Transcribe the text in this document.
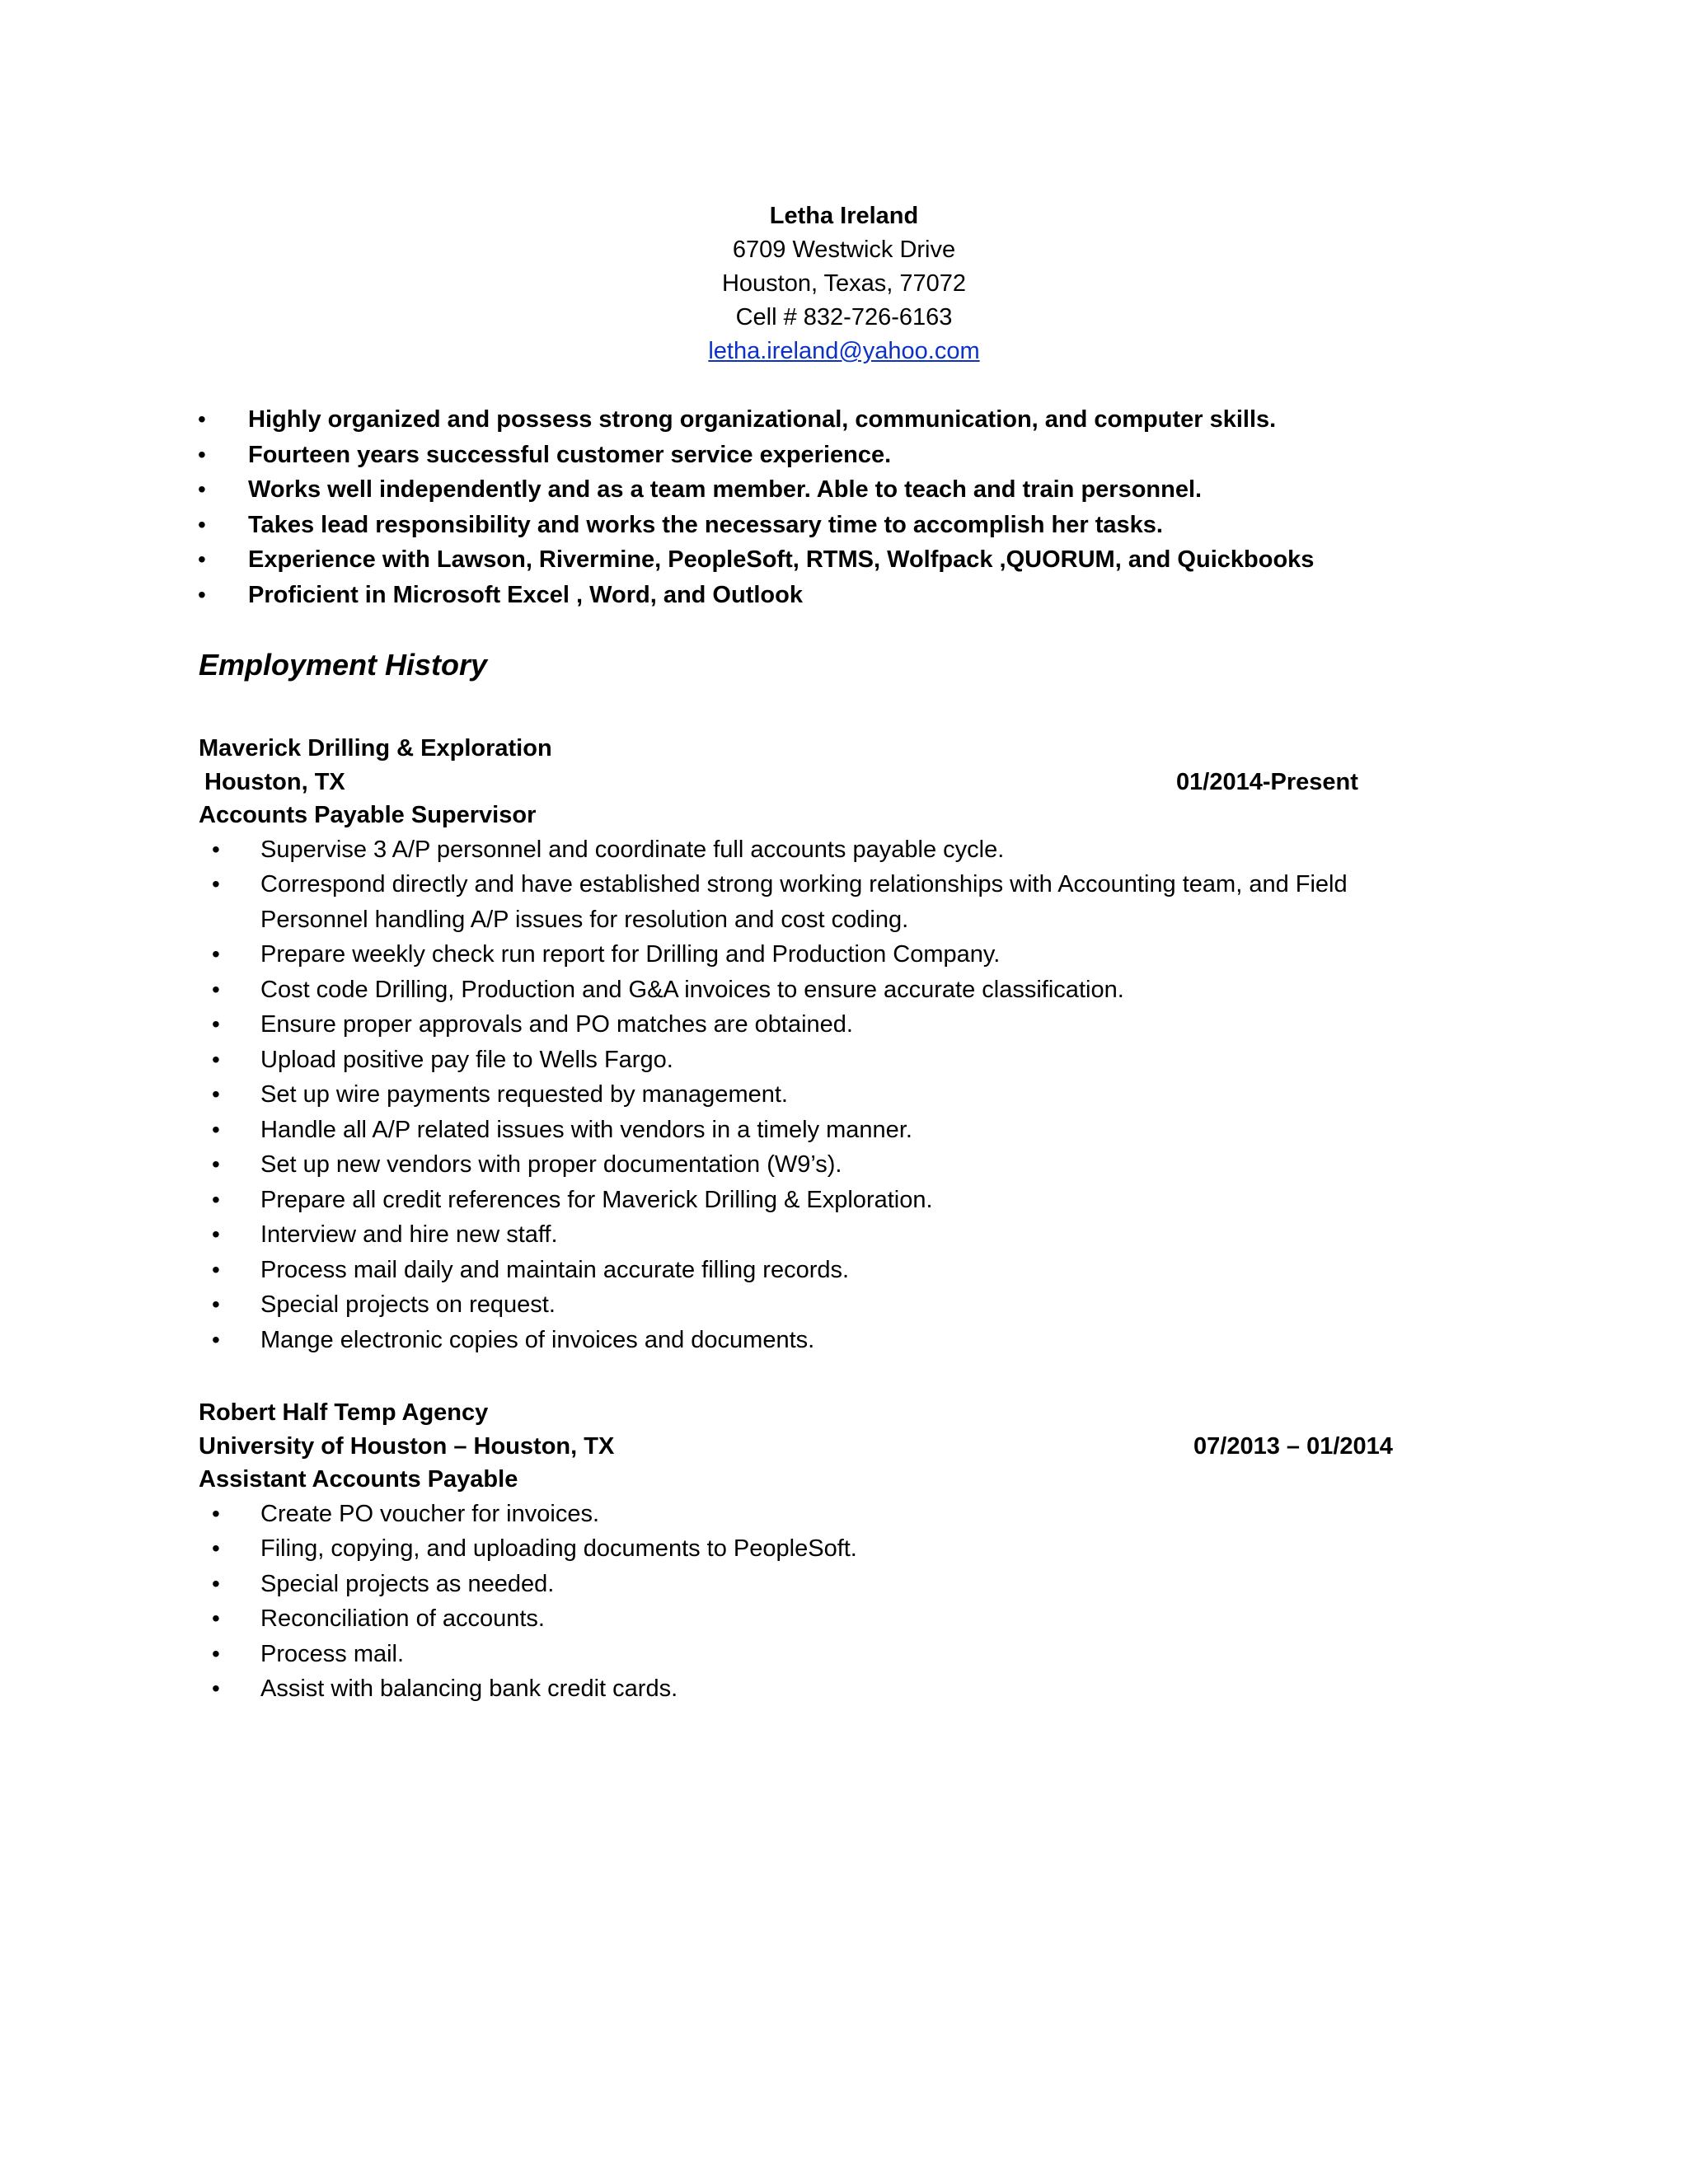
Letha Ireland
6709 Westwick Drive
Houston, Texas, 77072
Cell # 832-726-6163
letha.ireland@yahoo.com
• Highly organized and possess strong organizational, communication, and computer skills.
• Fourteen years successful customer service experience.
• Works well independently and as a team member. Able to teach and train personnel.
• Takes lead responsibility and works the necessary time to accomplish her tasks.
• Experience with Lawson, Rivermine, PeopleSoft, RTMS, Wolfpack ,QUORUM, and Quickbooks
• Proficient in Microsoft Excel , Word, and Outlook
Employment History
Maverick Drilling & Exploration
Houston, TX	01/2014-Present
Accounts Payable Supervisor
• Supervise 3 A/P personnel and coordinate full accounts payable cycle.
• Correspond directly and have established strong working relationships with Accounting team, and Field Personnel handling A/P issues for resolution and cost coding.
• Prepare weekly check run report for Drilling and Production Company.
• Cost code Drilling, Production and G&A invoices to ensure accurate classification.
• Ensure proper approvals and PO matches are obtained.
• Upload positive pay file to Wells Fargo.
• Set up wire payments requested by management.
• Handle all A/P related issues with vendors in a timely manner.
• Set up new vendors with proper documentation (W9’s).
• Prepare all credit references for Maverick Drilling & Exploration.
• Interview and hire new staff.
• Process mail daily and maintain accurate filling records.
• Special projects on request.
• Mange electronic copies of invoices and documents.
Robert Half Temp Agency
University of Houston – Houston, TX	07/2013 – 01/2014
Assistant Accounts Payable
• Create PO voucher for invoices.
• Filing, copying, and uploading documents to PeopleSoft.
• Special projects as needed.
• Reconciliation of accounts.
• Process mail.
• Assist with balancing bank credit cards.
